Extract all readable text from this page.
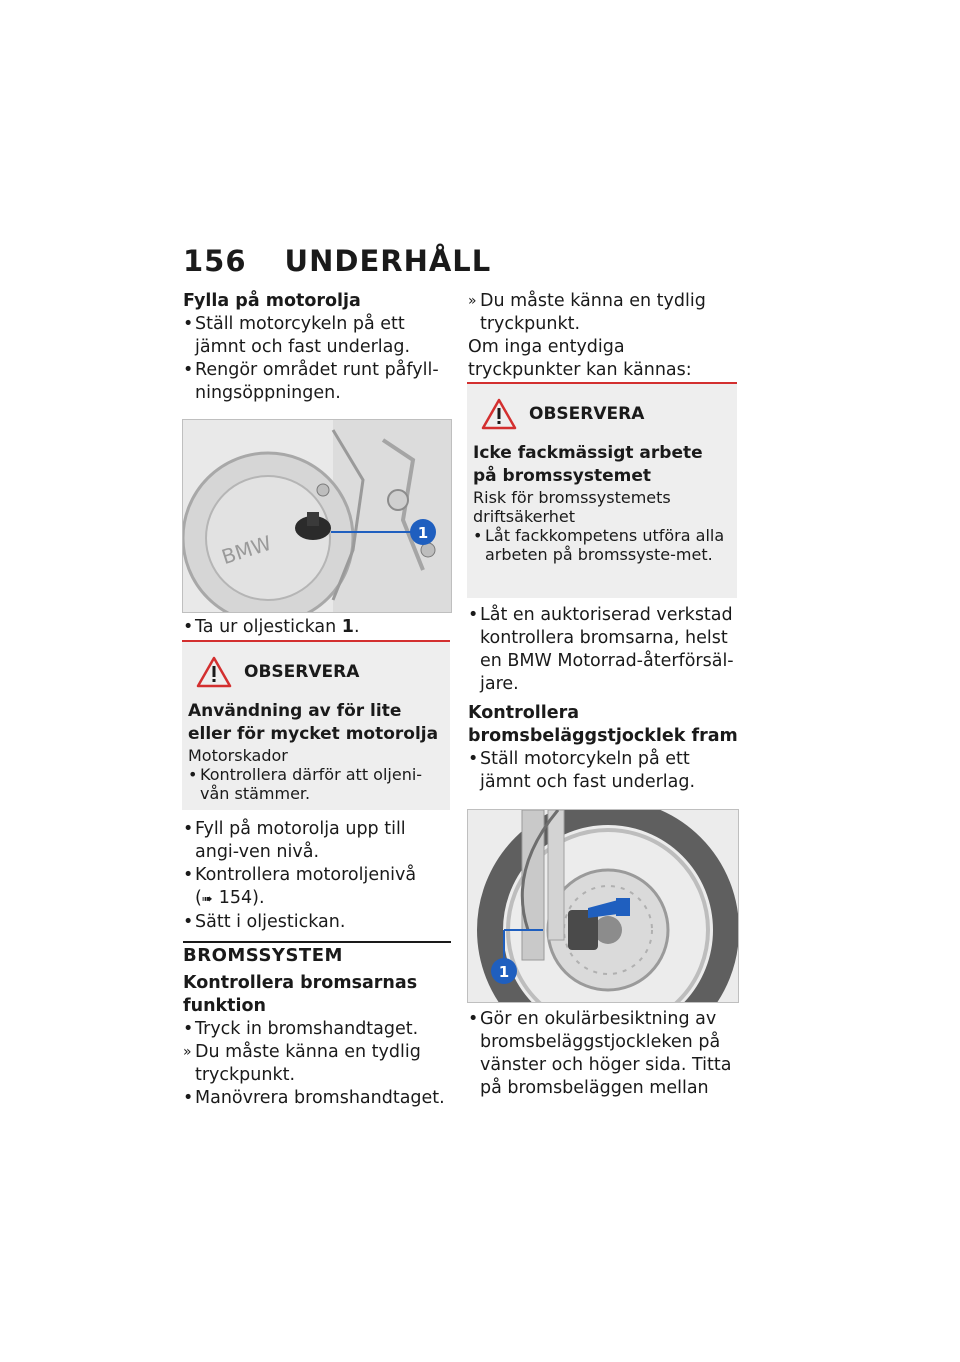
156 UNDERHÅLL

Fylla på motorolja

• Ställ motorcykeln på ett jämnt och fast underlag.
• Rengör området runt påfyll-ningsöppningen.
BMW	1
• Ta ur oljestickan 1.
OBSERVERA
Användning av för lite eller för mycket motorolja
Motorskador
• Kontrollera därför att oljeni-vån stämmer.
• Fyll på motorolja upp till angi-ven nivå.
• Kontrollera motoroljenivå
(➠ 154).
• Sätt i oljestickan.
BROMSSYSTEM

Kontrollera bromsarnas funktion

• Tryck in bromshandtaget.
» Du måste känna en tydlig tryckpunkt.
• Manövrera bromshandtaget.
» Du måste känna en tydlig tryckpunkt.

Om inga entydiga tryckpunkter kan kännas:

OBSERVERA
Icke fackmässigt arbete på bromssystemet
Risk för bromssystemets driftsäkerhet
• Låt fackkompetens utföra alla arbeten på bromssyste-met.
• Låt en auktoriserad verkstad kontrollera bromsarna, helst en BMW Motorrad-återförsäl-jare.

Kontrollera bromsbeläggstjocklek fram

• Ställ motorcykeln på ett jämnt och fast underlag.
1
• Gör en okulärbesiktning av bromsbeläggstjockleken på vänster och höger sida. Titta på bromsbeläggen mellan
